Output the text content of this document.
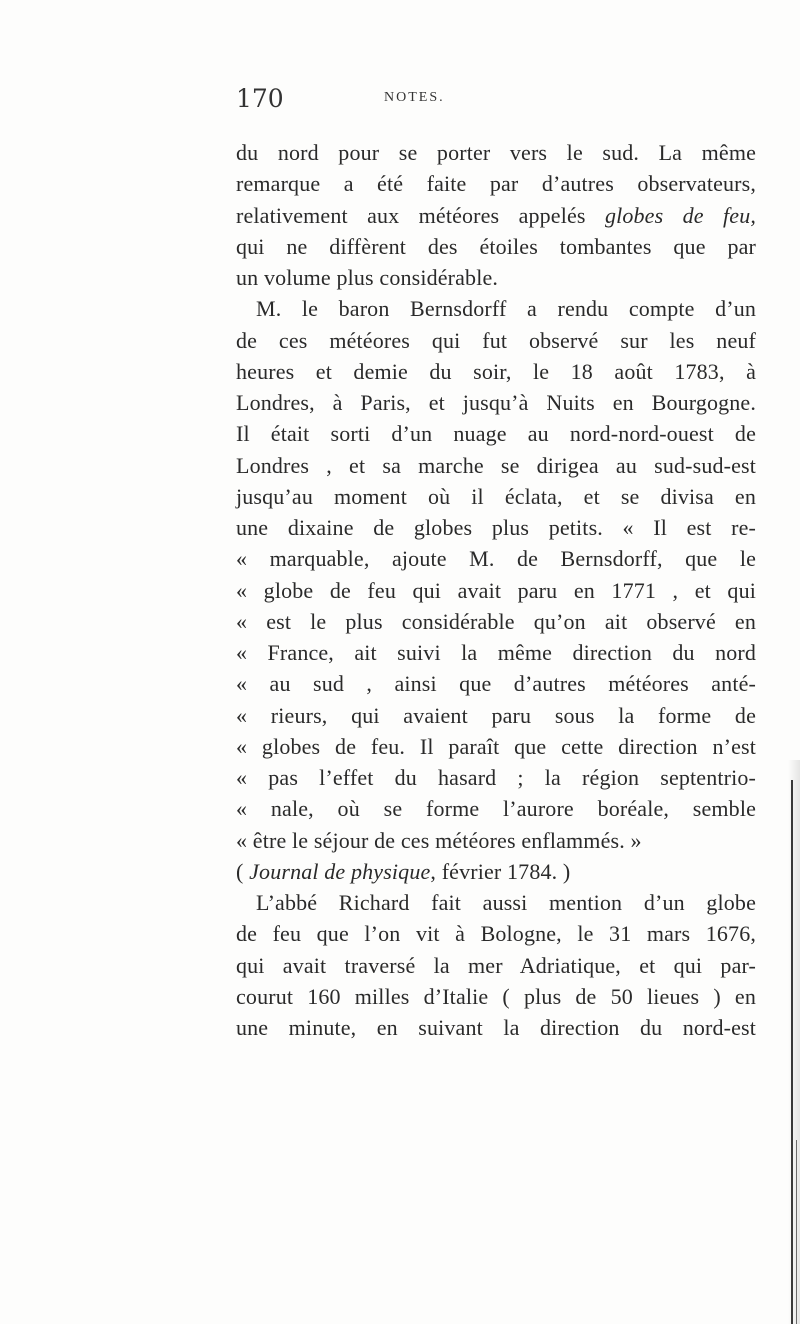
170	NOTES.
du nord pour se porter vers le sud. La même
remarque a été faite par d’autres observateurs,
relativement aux météores appelés globes de feu,
qui ne diffèrent des étoiles tombantes que par
un volume plus considérable.
M. le baron Bernsdorff a rendu compte d’un
de ces météores qui fut observé sur les neuf
heures et demie du soir, le 18 août 1783, à
Londres, à Paris, et jusqu’à Nuits en Bourgogne.
Il était sorti d’un nuage au nord-nord-ouest de
Londres , et sa marche se dirigea au sud-sud-est
jusqu’au moment où il éclata, et se divisa en
une dixaine de globes plus petits. « Il est re-
« marquable, ajoute M. de Bernsdorff, que le
« globe de feu qui avait paru en 1771 , et qui
« est le plus considérable qu’on ait observé en
« France, ait suivi la même direction du nord
« au sud , ainsi que d’autres météores anté-
« rieurs, qui avaient paru sous la forme de
« globes de feu. Il paraît que cette direction n’est
« pas l’effet du hasard ; la région septentrio-
« nale, où se forme l’aurore boréale, semble
« être le séjour de ces météores enflammés. »
( Journal de physique, février 1784. )
L’abbé Richard fait aussi mention d’un globe
de feu que l’on vit à Bologne, le 31 mars 1676,
qui avait traversé la mer Adriatique, et qui par-
courut 160 milles d’Italie ( plus de 50 lieues ) en
une minute, en suivant la direction du nord-est
